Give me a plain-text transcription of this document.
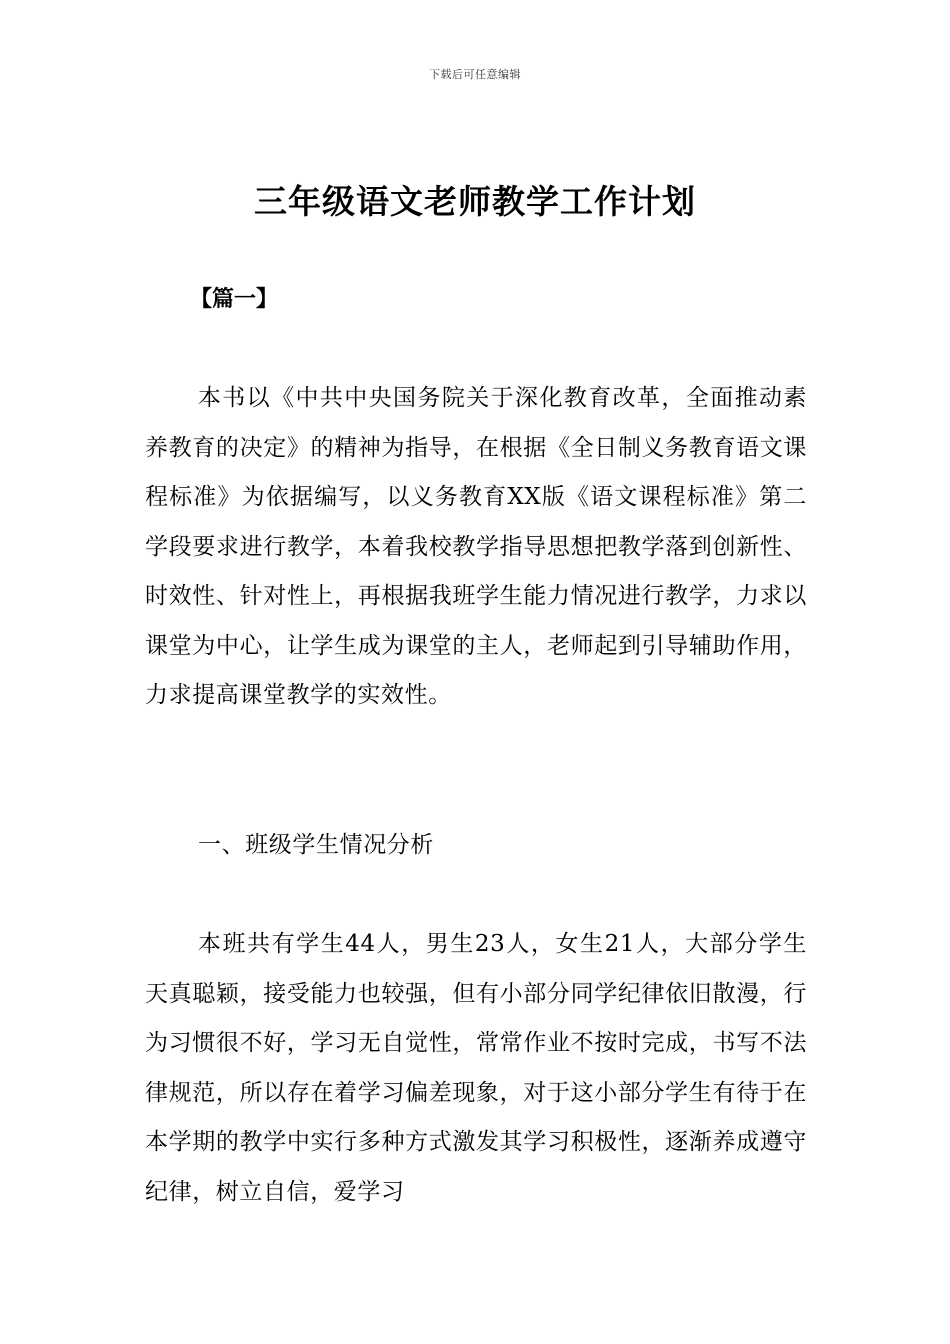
下载后可任意编辑
三年级语文老师教学工作计划
【篇一】

本书以《中共中央国务院关于深化教育改革，全面推动素养教育的决定》的精神为指导，在根据《全日制义务教育语文课程标准》为依据编写，以义务教育XX版《语文课程标准》第二学段要求进行教学，本着我校教学指导思想把教学落到创新性、时效性、针对性上，再根据我班学生能力情况进行教学，力求以课堂为中心，让学生成为课堂的主人，老师起到引导辅助作用，力求提高课堂教学的实效性。

一、班级学生情况分析

本班共有学生44人，男生23人，女生21人，大部分学生天真聪颖，接受能力也较强，但有小部分同学纪律依旧散漫，行为习惯很不好，学习无自觉性，常常作业不按时完成，书写不法律规范，所以存在着学习偏差现象，对于这小部分学生有待于在本学期的教学中实行多种方式激发其学习积极性，逐渐养成遵守纪律，树立自信，爱学习
